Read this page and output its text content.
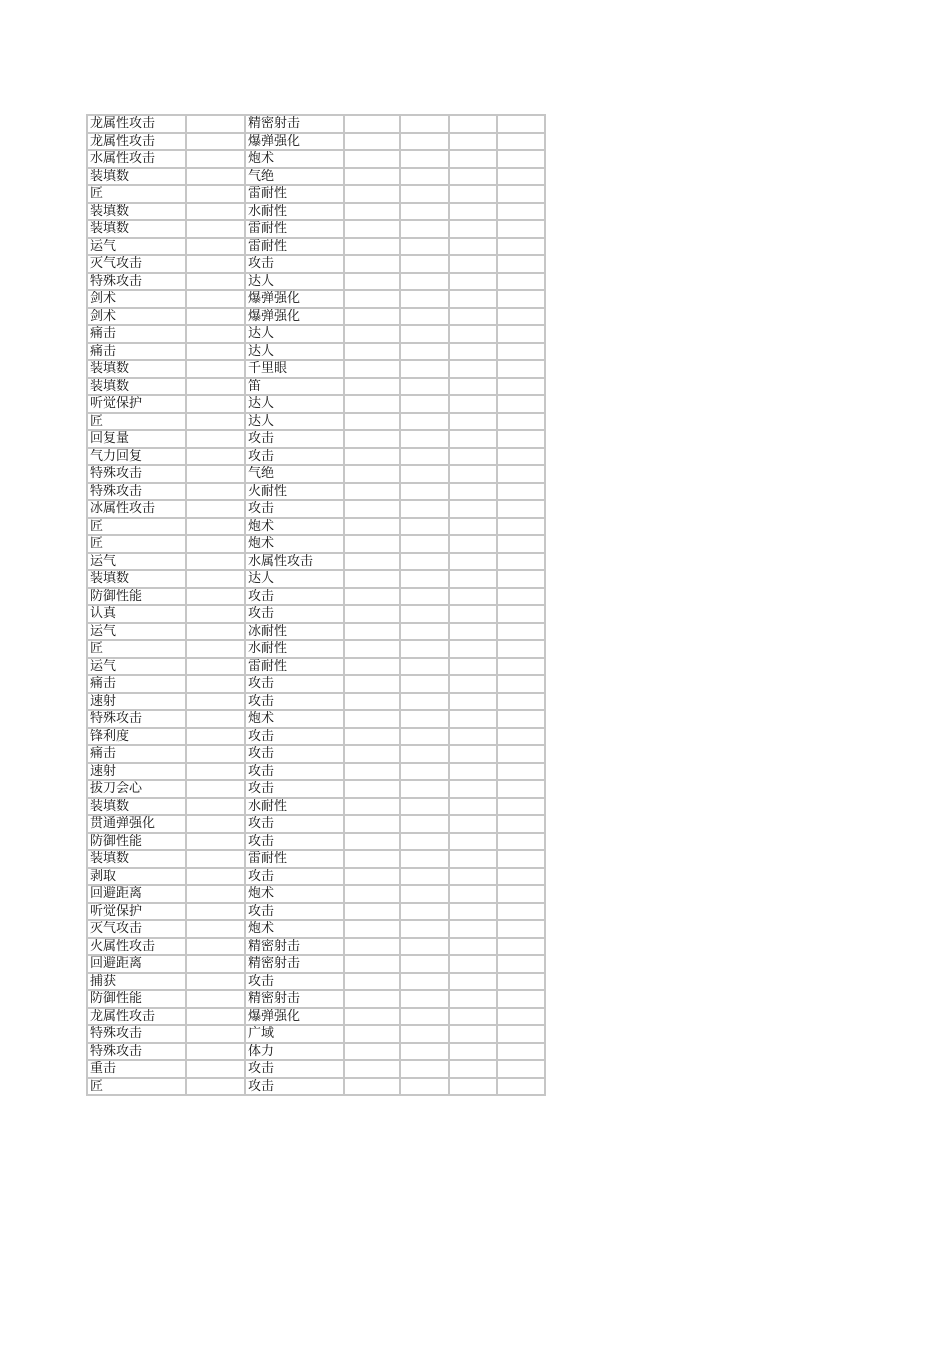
龙属性攻击		精密射击				
龙属性攻击		爆弹强化				
水属性攻击		炮术				
装填数		气绝				
匠		雷耐性				
装填数		水耐性				
装填数		雷耐性				
运气		雷耐性				
灭气攻击		攻击				
特殊攻击		达人				
剑术		爆弹强化				
剑术		爆弹强化				
痛击		达人				
痛击		达人				
装填数		千里眼				
装填数		笛				
听觉保护		达人				
匠		达人				
回复量		攻击				
气力回复		攻击				
特殊攻击		气绝				
特殊攻击		火耐性				
冰属性攻击		攻击				
匠		炮术				
匠		炮术				
运气		水属性攻击				
装填数		达人				
防御性能		攻击				
认真		攻击				
运气		冰耐性				
匠		水耐性				
运气		雷耐性				
痛击		攻击				
速射		攻击				
特殊攻击		炮术				
锋利度		攻击				
痛击		攻击				
速射		攻击				
拔刀会心		攻击				
装填数		水耐性				
贯通弹强化		攻击				
防御性能		攻击				
装填数		雷耐性				
剥取		攻击				
回避距离		炮术				
听觉保护		攻击				
灭气攻击		炮术				
火属性攻击		精密射击				
回避距离		精密射击				
捕获		攻击				
防御性能		精密射击				
龙属性攻击		爆弹强化				
特殊攻击		广域				
特殊攻击		体力				
重击		攻击				
匠		攻击				
